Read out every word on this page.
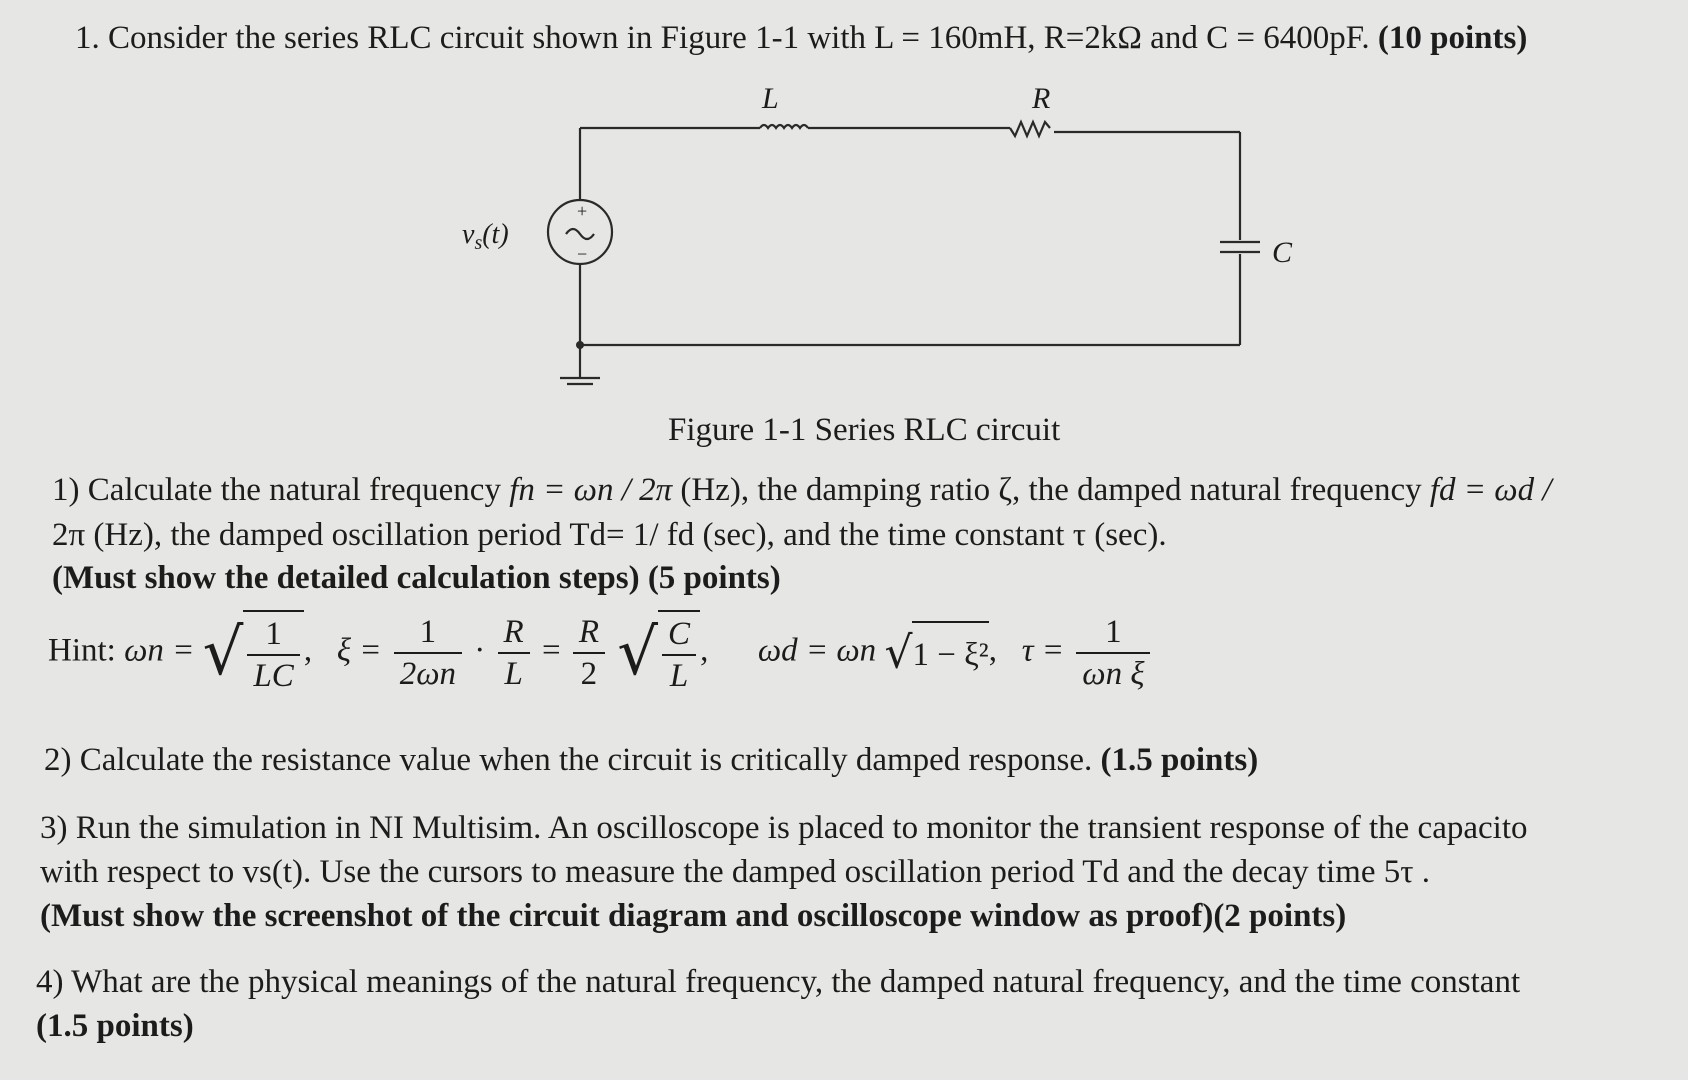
1. Consider the series RLC circuit shown in Figure 1-1 with L = 160mH, R=2kΩ and C = 6400pF. (10 points)
+
−
L	R
C
$v_s(t)$
Figure 1-1 Series RLC circuit
1) Calculate the natural frequency fn = ωn / 2π (Hz), the damping ratio ζ, the damped natural frequency fd = ωd /
2π (Hz), the damped oscillation period Td= 1/ fd (sec), and the time constant τ (sec).
(Must show the detailed calculation steps) (5 points)
Hint: ωn = √ $\frac{1}{LC}$ ,   $\xi = \frac{1}{2\omega n} \cdot \frac{R}{L} = \frac{R}{2}$ √ $\frac{C}{L}$ ,      ωd = ωn √1 − ξ²,   $\tau = \frac{1}{\text{ωn ξ}}$
2) Calculate the resistance value when the circuit is critically damped response. (1.5 points)
3) Run the simulation in NI Multisim. An oscilloscope is placed to monitor the transient response of the capacito
with respect to vs(t). Use the cursors to measure the damped oscillation period Td and the decay time 5τ .
(Must show the screenshot of the circuit diagram and oscilloscope window as proof)(2 points)
4) What are the physical meanings of the natural frequency, the damped natural frequency, and the time constant
(1.5 points)
